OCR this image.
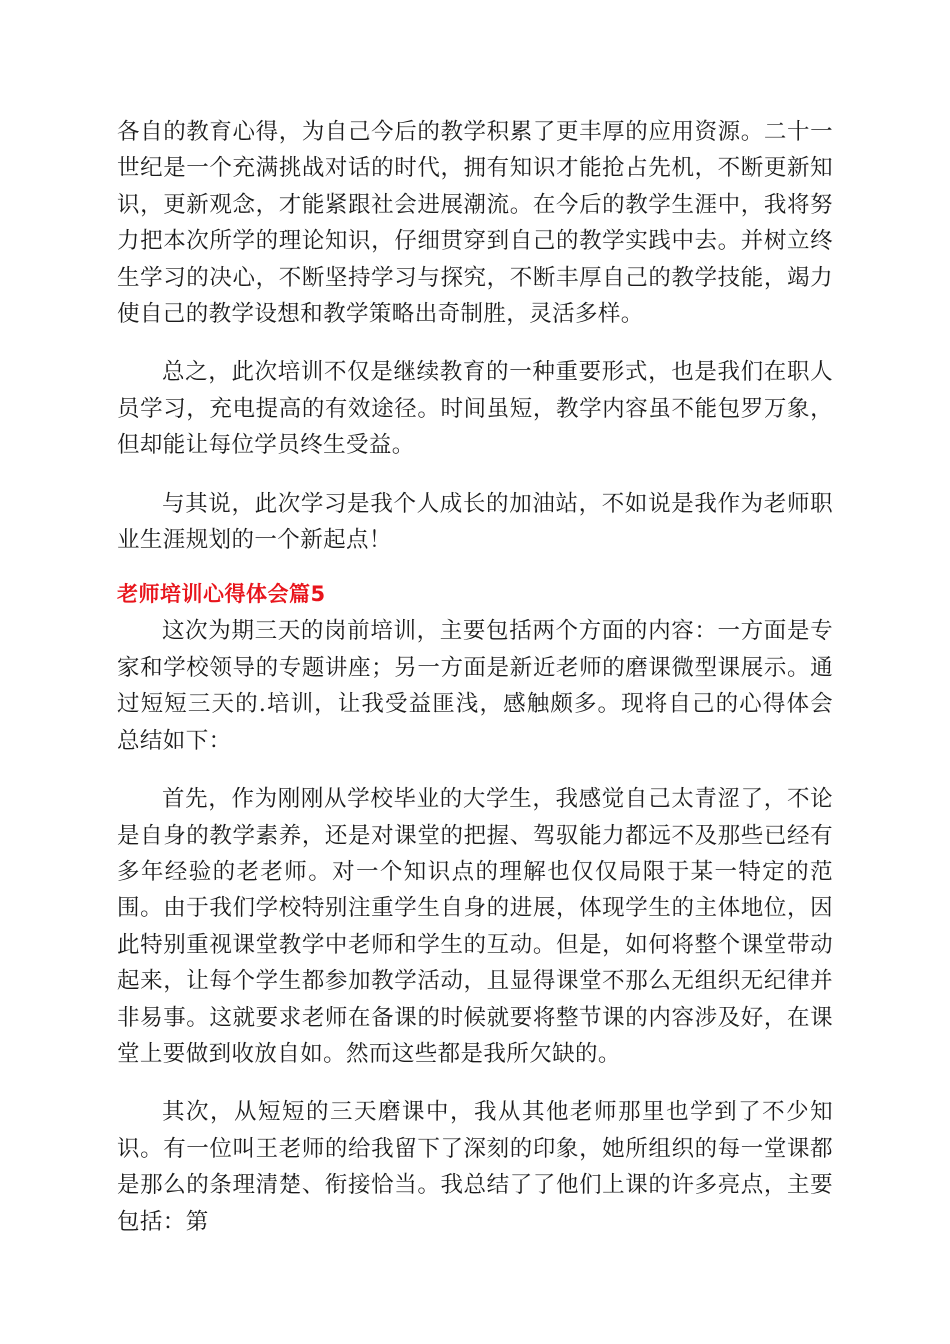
各自的教育心得，为自己今后的教学积累了更丰厚的应用资源。二十一世纪是一个充满挑战对话的时代，拥有知识才能抢占先机，不断更新知识，更新观念，才能紧跟社会进展潮流。在今后的教学生涯中，我将努力把本次所学的理论知识，仔细贯穿到自己的教学实践中去。并树立终生学习的决心，不断坚持学习与探究，不断丰厚自己的教学技能，竭力使自己的教学设想和教学策略出奇制胜，灵活多样。

总之，此次培训不仅是继续教育的一种重要形式，也是我们在职人员学习，充电提高的有效途径。时间虽短，教学内容虽不能包罗万象，但却能让每位学员终生受益。

与其说，此次学习是我个人成长的加油站，不如说是我作为老师职业生涯规划的一个新起点！

老师培训心得体会篇5

这次为期三天的岗前培训，主要包括两个方面的内容：一方面是专家和学校领导的专题讲座；另一方面是新近老师的磨课微型课展示。通过短短三天的.培训，让我受益匪浅，感触颇多。现将自己的心得体会总结如下：

首先，作为刚刚从学校毕业的大学生，我感觉自己太青涩了，不论是自身的教学素养，还是对课堂的把握、驾驭能力都远不及那些已经有多年经验的老老师。对一个知识点的理解也仅仅局限于某一特定的范围。由于我们学校特别注重学生自身的进展，体现学生的主体地位，因此特别重视课堂教学中老师和学生的互动。但是，如何将整个课堂带动起来，让每个学生都参加教学活动，且显得课堂不那么无组织无纪律并非易事。这就要求老师在备课的时候就要将整节课的内容涉及好，在课堂上要做到收放自如。然而这些都是我所欠缺的。

其次，从短短的三天磨课中，我从其他老师那里也学到了不少知识。有一位叫王老师的给我留下了深刻的印象，她所组织的每一堂课都是那么的条理清楚、衔接恰当。我总结了了他们上课的许多亮点，主要包括：第
